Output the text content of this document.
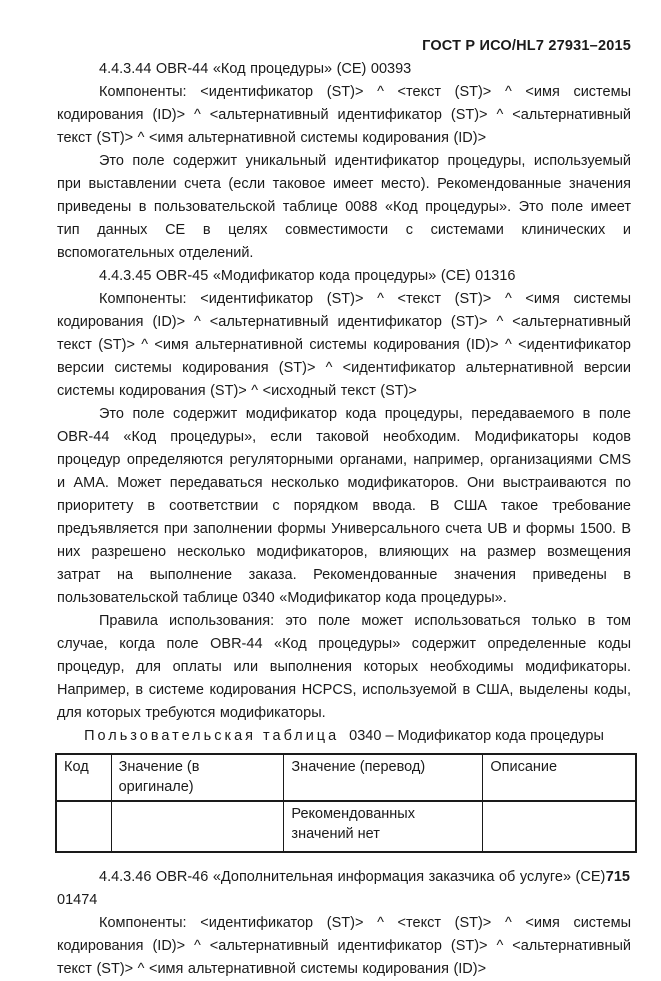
ГОСТ Р ИСО/HL7 27931–2015

4.4.3.44 OBR-44 «Код процедуры» (CE) 00393

Компоненты: <идентификатор (ST)> ^ <текст (ST)> ^ <имя системы кодирования (ID)> ^ <альтернативный идентификатор (ST)> ^ <альтернативный текст (ST)> ^ <имя альтернативной системы кодирования (ID)>

Это поле содержит уникальный идентификатор процедуры, используемый при выставлении счета (если таковое имеет место). Рекомендованные значения приведены в пользовательской таблице 0088 «Код процедуры». Это поле имеет тип данных CE в целях совместимости с системами клинических и вспомогательных отделений.

4.4.3.45 OBR-45 «Модификатор кода процедуры» (CE) 01316

Компоненты: <идентификатор (ST)> ^ <текст (ST)> ^ <имя системы кодирования (ID)> ^ <альтернативный идентификатор (ST)> ^ <альтернативный текст (ST)> ^ <имя альтернативной системы кодирования (ID)> ^ <идентификатор версии системы кодирования (ST)> ^ <идентификатор альтернативной версии системы кодирования (ST)> ^ <исходный текст (ST)>

Это поле содержит модификатор кода процедуры, передаваемого в поле OBR-44 «Код процедуры», если таковой необходим. Модификаторы кодов процедур определяются регуляторными органами, например, организациями CMS и AMA. Может передаваться несколько модификаторов. Они выстраиваются по приоритету в соответствии с порядком ввода. В США такое требование предъявляется при заполнении формы Универсального счета UB и формы 1500. В них разрешено несколько модификаторов, влияющих на размер возмещения затрат на выполнение заказа. Рекомендованные значения приведены в пользовательской таблице 0340 «Модификатор кода процедуры».

Правила использования: это поле может использоваться только в том случае, когда поле OBR-44 «Код процедуры» содержит определенные коды процедур, для оплаты или выполнения которых необходимы модификаторы. Например, в системе кодирования HCPCS, используемой в США, выделены коды, для которых требуются модификаторы.

Пользовательская таблица 0340 – Модификатор кода процедуры
Код	Значение (в оригинале)	Значение (перевод)	Описание
		Рекомендованных значений нет	

4.4.3.46 OBR-46 «Дополнительная информация заказчика об услуге» (CE) 01474

Компоненты: <идентификатор (ST)> ^ <текст (ST)> ^ <имя системы кодирования (ID)> ^ <альтернативный идентификатор (ST)> ^ <альтернативный текст (ST)> ^ <имя альтернативной системы кодирования (ID)>

715
